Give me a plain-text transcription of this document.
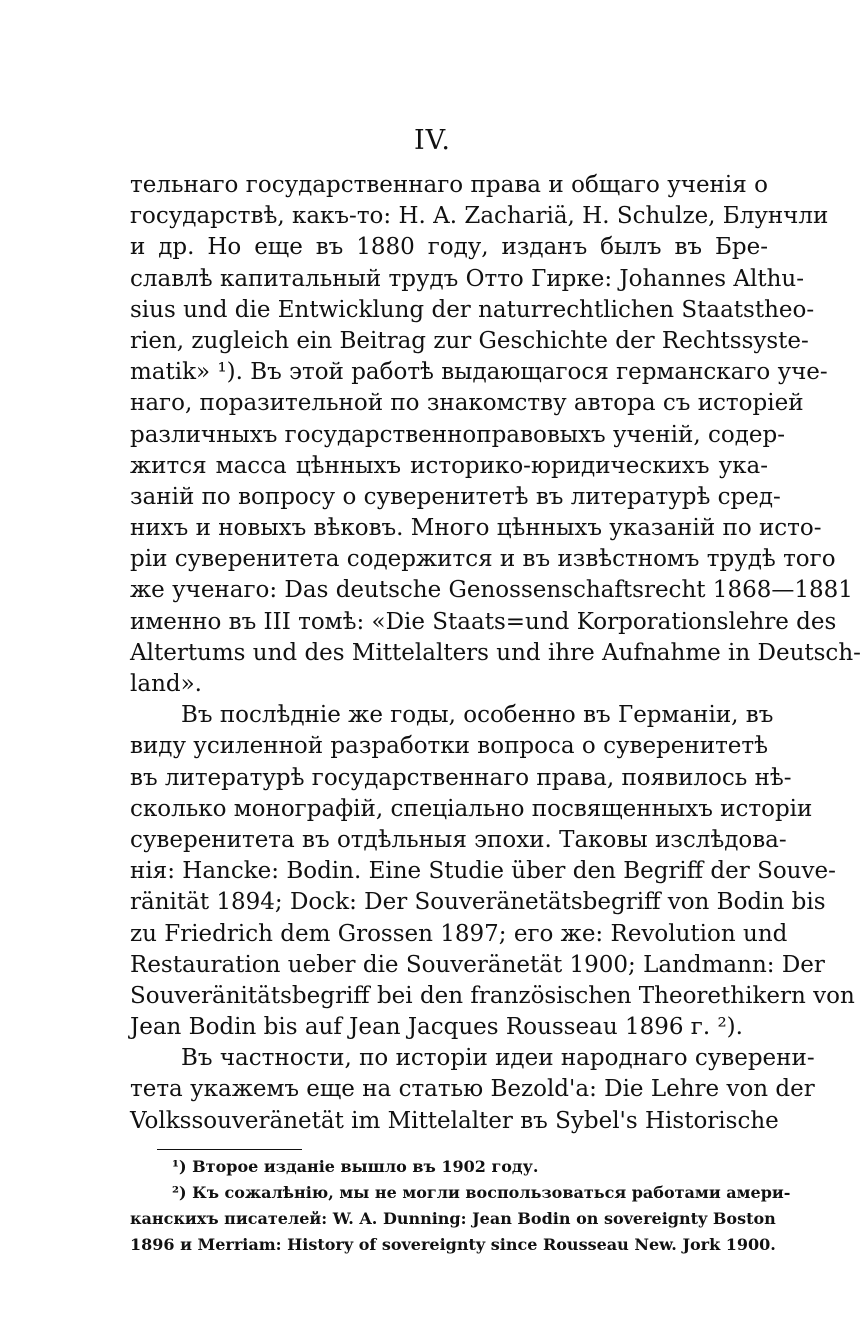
IV.
тельнаго государственнаго права и общаго ученія о
государствѣ, какъ-то: H. A. Zachariä, H. Schulze, Блунчли
и др. Но еще въ 1880 году, изданъ былъ въ Бре-
славлѣ капитальный трудъ Отто Гирке: Johannes Althu-
sius und die Entwicklung der naturrechtlichen Staatstheo-
rien, zugleich ein Beitrag zur Geschichte der Rechtssyste-
matik» ¹). Въ этой работѣ выдающагося германскаго уче-
наго, поразительной по знакомству автора съ исторіей
различныхъ государственноправовыхъ ученій, содер-
жится масса цѣнныхъ историко-юридическихъ ука-
заній по вопросу о суверенитетѣ въ литературѣ сред-
нихъ и новыхъ вѣковъ. Много цѣнныхъ указаній по исто-
ріи суверенитета содержится и въ извѣстномъ трудѣ того
же ученаго: Das deutsche Genossenschaftsrecht 1868—1881
именно въ III томѣ: «Die Staats=und Korporationslehre des
Altertums und des Mittelalters und ihre Aufnahme in Deutsch-
land».
Въ послѣдніе же годы, особенно въ Германіи, въ
виду усиленной разработки вопроса о суверенитетѣ
въ литературѣ государственнаго права, появилось нѣ-
сколько монографій, спеціально посвященныхъ исторіи
суверенитета въ отдѣльныя эпохи. Таковы изслѣдова-
нія: Hancke: Bodin. Eine Studie über den Begriff der Souve-
ränität 1894; Dock: Der Souveränetätsbegriff von Bodin bis
zu Friedrich dem Grossen 1897; его же: Revolution und
Restauration ueber die Souveränetät 1900; Landmann: Der
Souveränitätsbegriff bei den französischen Theorethikern von
Jean Bodin bis auf Jean Jacques Rousseau 1896 г. ²).
Въ частности, по исторіи идеи народнаго суверени-
тета укажемъ еще на статью Bezold'a: Die Lehre von der
Volkssouveränetät im Mittelalter въ Sybel's Historische
¹) Второе изданіе вышло въ 1902 году.
²) Къ сожалѣнію, мы не могли воспользоваться работами амери-
канскихъ писателей: W. A. Dunning: Jean Bodin on sovereignty Boston
1896 и Merriam: History of sovereignty since Rousseau New. Jork 1900.
